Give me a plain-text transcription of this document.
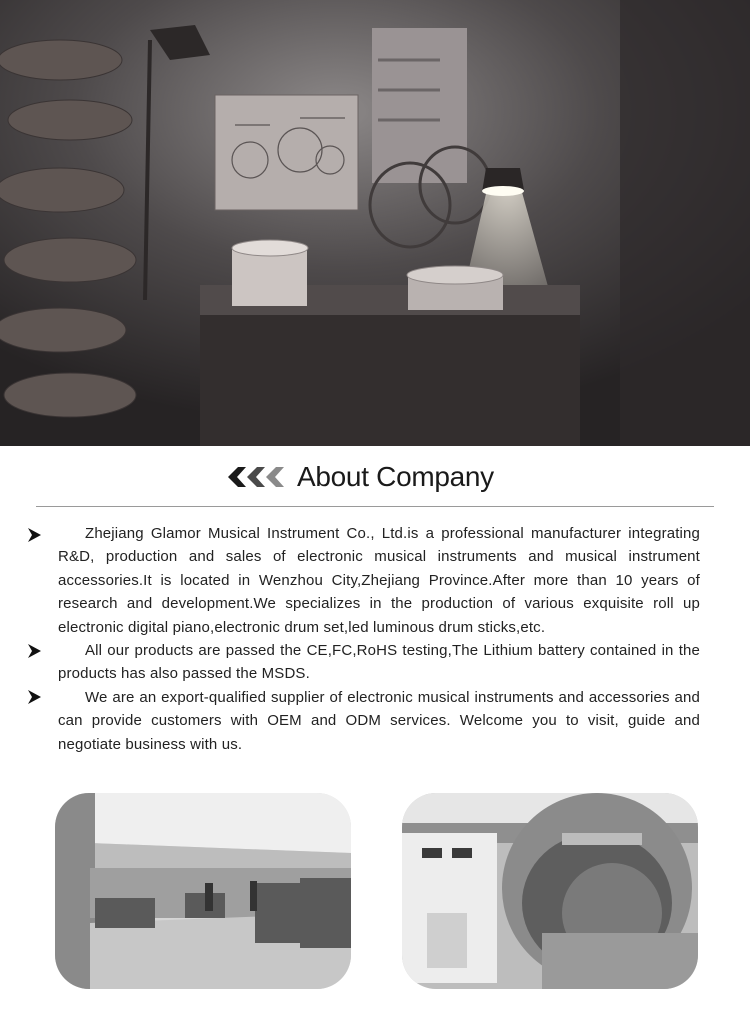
About Company
Zhejiang Glamor Musical Instrument Co., Ltd.is a professional manufacturer integrating R&D, production and sales of electronic musical instruments and musical instrument accessories.It is located in Wenzhou City,Zhejiang Province.After more than 10 years of research and development.We specializes in the production of various exquisite roll up electronic digital piano,electronic drum set,led luminous drum sticks,etc.
All our products are passed the CE,FC,RoHS testing,The Lithium battery contained in the products has also passed the MSDS.
We are an export-qualified supplier of electronic musical instruments and accessories and can provide customers with OEM and ODM services. Welcome you to visit, guide and negotiate business with us.
